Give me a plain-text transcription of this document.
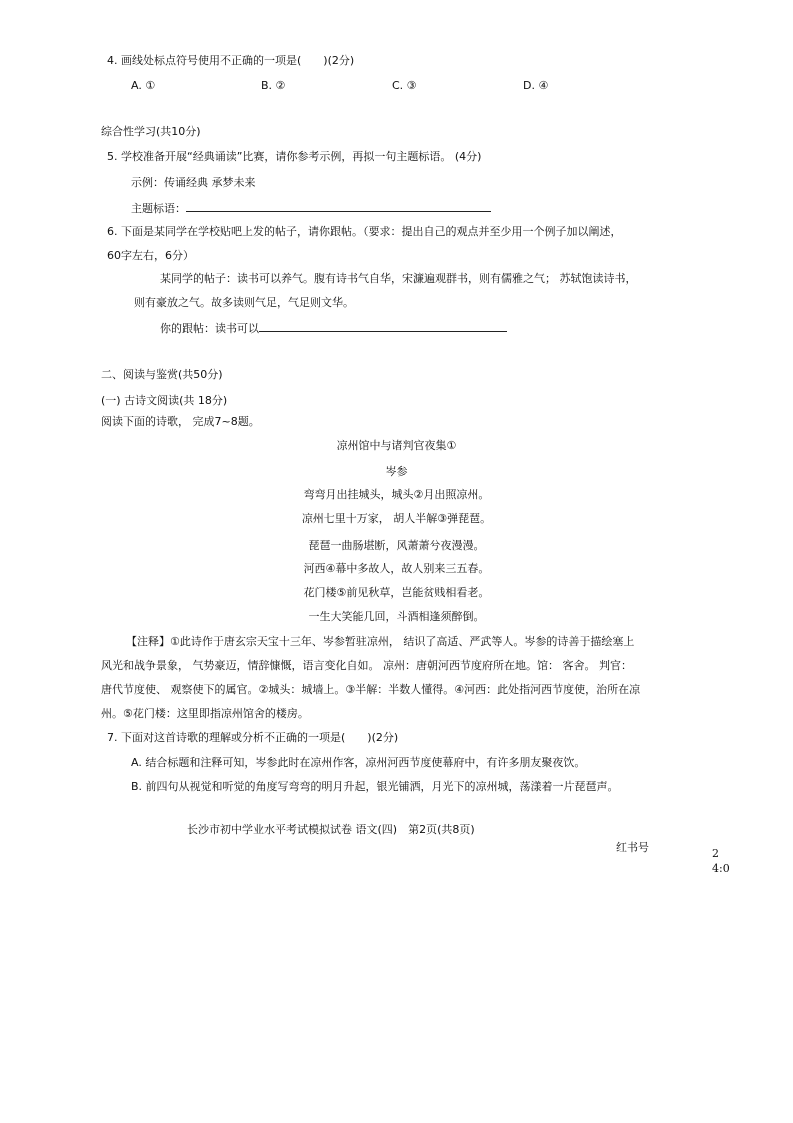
4. 画线处标点符号使用不正确的一项是(　　)(2分)
A. ①	B. ②	C. ③	D. ④
综合性学习(共10分)
5. 学校准备开展“经典诵读”比赛，请你参考示例，再拟一句主题标语。 (4分)
示例：传诵经典 承梦未来
主题标语：
6. 下面是某同学在学校贴吧上发的帖子，请你跟帖。（要求：提出自己的观点并至少用一个例子加以阐述，
60字左右，6分）
某同学的帖子：读书可以养气。腹有诗书气自华，宋濂遍观群书，则有儒雅之气； 苏轼饱读诗书，
则有豪放之气。故多读则气足，气足则文华。
你的跟帖：读书可以
二、阅读与鉴赏(共50分)
(一) 古诗文阅读(共 18分)
阅读下面的诗歌， 完成7~8题。
凉州馆中与诸判官夜集①
岑参
弯弯月出挂城头，城头②月出照凉州。
凉州七里十万家， 胡人半解③弹琵琶。
琵琶一曲肠堪断，风萧萧兮夜漫漫。
河西④幕中多故人，故人别来三五春。
花门楼⑤前见秋草，岂能贫贱相看老。
一生大笑能几回，斗酒相逢须醉倒。
【注释】①此诗作于唐玄宗天宝十三年、岑参暂驻凉州， 结识了高适、严武等人。岑参的诗善于描绘塞上
风光和战争景象， 气势豪迈，情辞慷慨，语言变化自如。 凉州：唐朝河西节度府所在地。馆： 客舍。 判官：
唐代节度使、 观察使下的属官。②城头：城墙上。③半解：半数人懂得。④河西：此处指河西节度使，治所在凉
州。⑤花门楼：这里即指凉州馆舍的楼房。
7. 下面对这首诗歌的理解或分析不正确的一项是(　　)(2分)
A. 结合标题和注释可知，岑参此时在凉州作客，凉州河西节度使幕府中，有许多朋友聚夜饮。
B. 前四句从视觉和听觉的角度写弯弯的明月升起，银光铺洒，月光下的凉州城，荡漾着一片琵琶声。
长沙市初中学业水平考试模拟试卷 语文(四)　第2页(共8页)
红书号	2
4:0
